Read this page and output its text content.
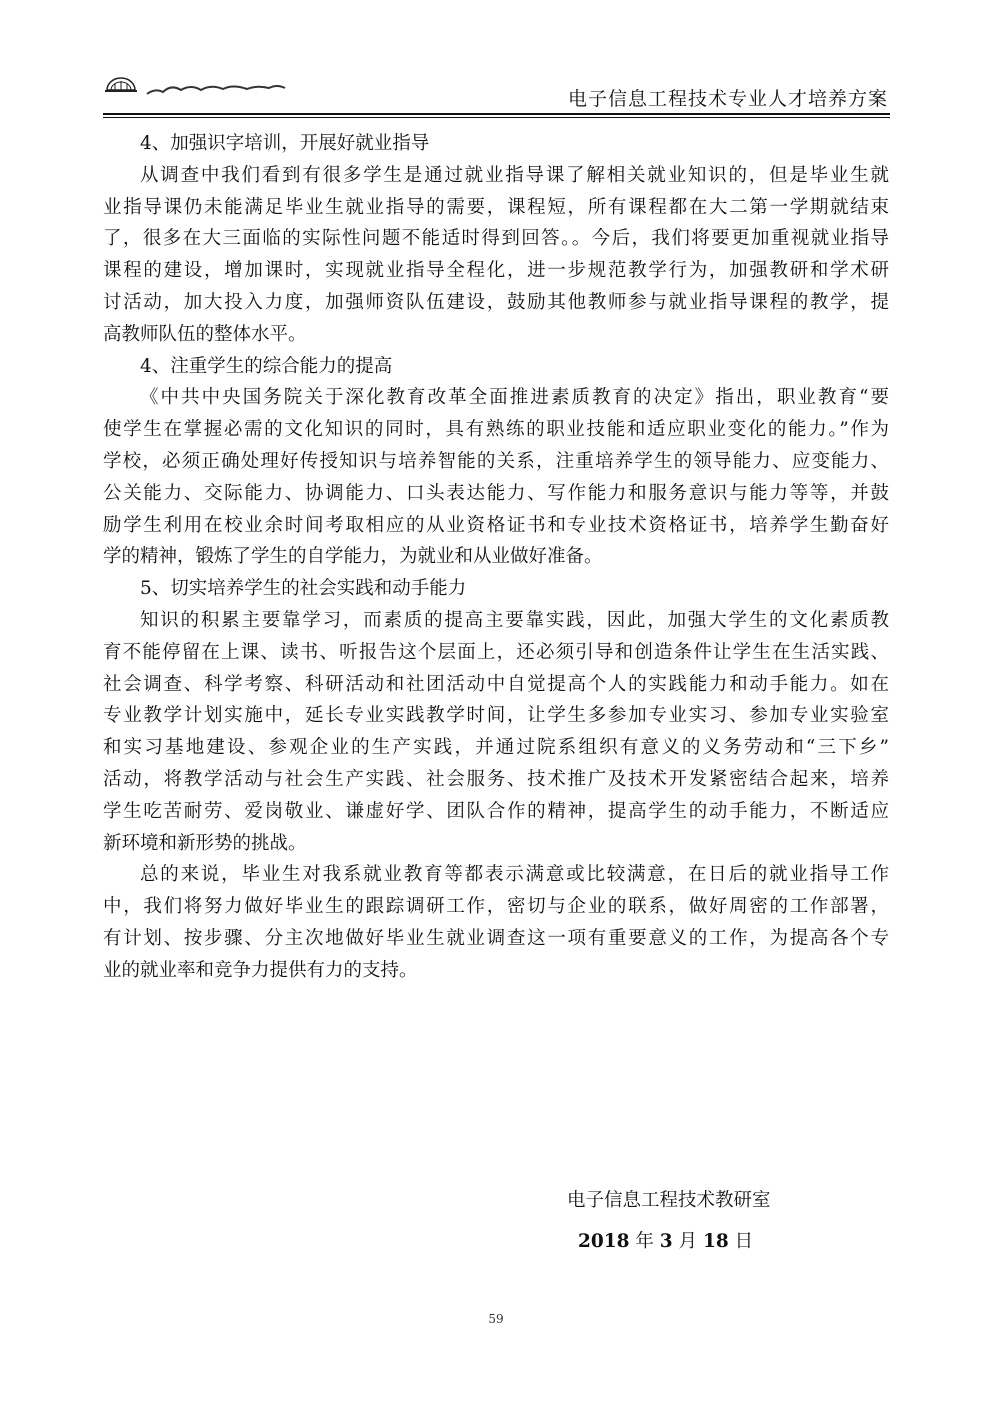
电子信息工程技术专业人才培养方案

4、加强识字培训，开展好就业指导

从调查中我们看到有很多学生是通过就业指导课了解相关就业知识的，但是毕业生就

业指导课仍未能满足毕业生就业指导的需要，课程短，所有课程都在大二第一学期就结束

了，很多在大三面临的实际性问题不能适时得到回答。。今后，我们将要更加重视就业指导

课程的建设，增加课时，实现就业指导全程化，进一步规范教学行为，加强教研和学术研

讨活动，加大投入力度，加强师资队伍建设，鼓励其他教师参与就业指导课程的教学，提

高教师队伍的整体水平。

4、注重学生的综合能力的提高

《中共中央国务院关于深化教育改革全面推进素质教育的决定》指出，职业教育“要

使学生在掌握必需的文化知识的同时，具有熟练的职业技能和适应职业变化的能力。”作为

学校，必须正确处理好传授知识与培养智能的关系，注重培养学生的领导能力、应变能力、

公关能力、交际能力、协调能力、口头表达能力、写作能力和服务意识与能力等等，并鼓

励学生利用在校业余时间考取相应的从业资格证书和专业技术资格证书，培养学生勤奋好

学的精神，锻炼了学生的自学能力，为就业和从业做好准备。

5、切实培养学生的社会实践和动手能力

知识的积累主要靠学习，而素质的提高主要靠实践，因此，加强大学生的文化素质教

育不能停留在上课、读书、听报告这个层面上，还必须引导和创造条件让学生在生活实践、

社会调查、科学考察、科研活动和社团活动中自觉提高个人的实践能力和动手能力。如在

专业教学计划实施中，延长专业实践教学时间，让学生多参加专业实习、参加专业实验室

和实习基地建设、参观企业的生产实践，并通过院系组织有意义的义务劳动和“三下乡”

活动，将教学活动与社会生产实践、社会服务、技术推广及技术开发紧密结合起来，培养

学生吃苦耐劳、爱岗敬业、谦虚好学、团队合作的精神，提高学生的动手能力，不断适应

新环境和新形势的挑战。

总的来说，毕业生对我系就业教育等都表示满意或比较满意，在日后的就业指导工作

中，我们将努力做好毕业生的跟踪调研工作，密切与企业的联系，做好周密的工作部署，

有计划、按步骤、分主次地做好毕业生就业调查这一项有重要意义的工作，为提高各个专

业的就业率和竞争力提供有力的支持。

电子信息工程技术教研室
2018 年 3 月 18 日
59
